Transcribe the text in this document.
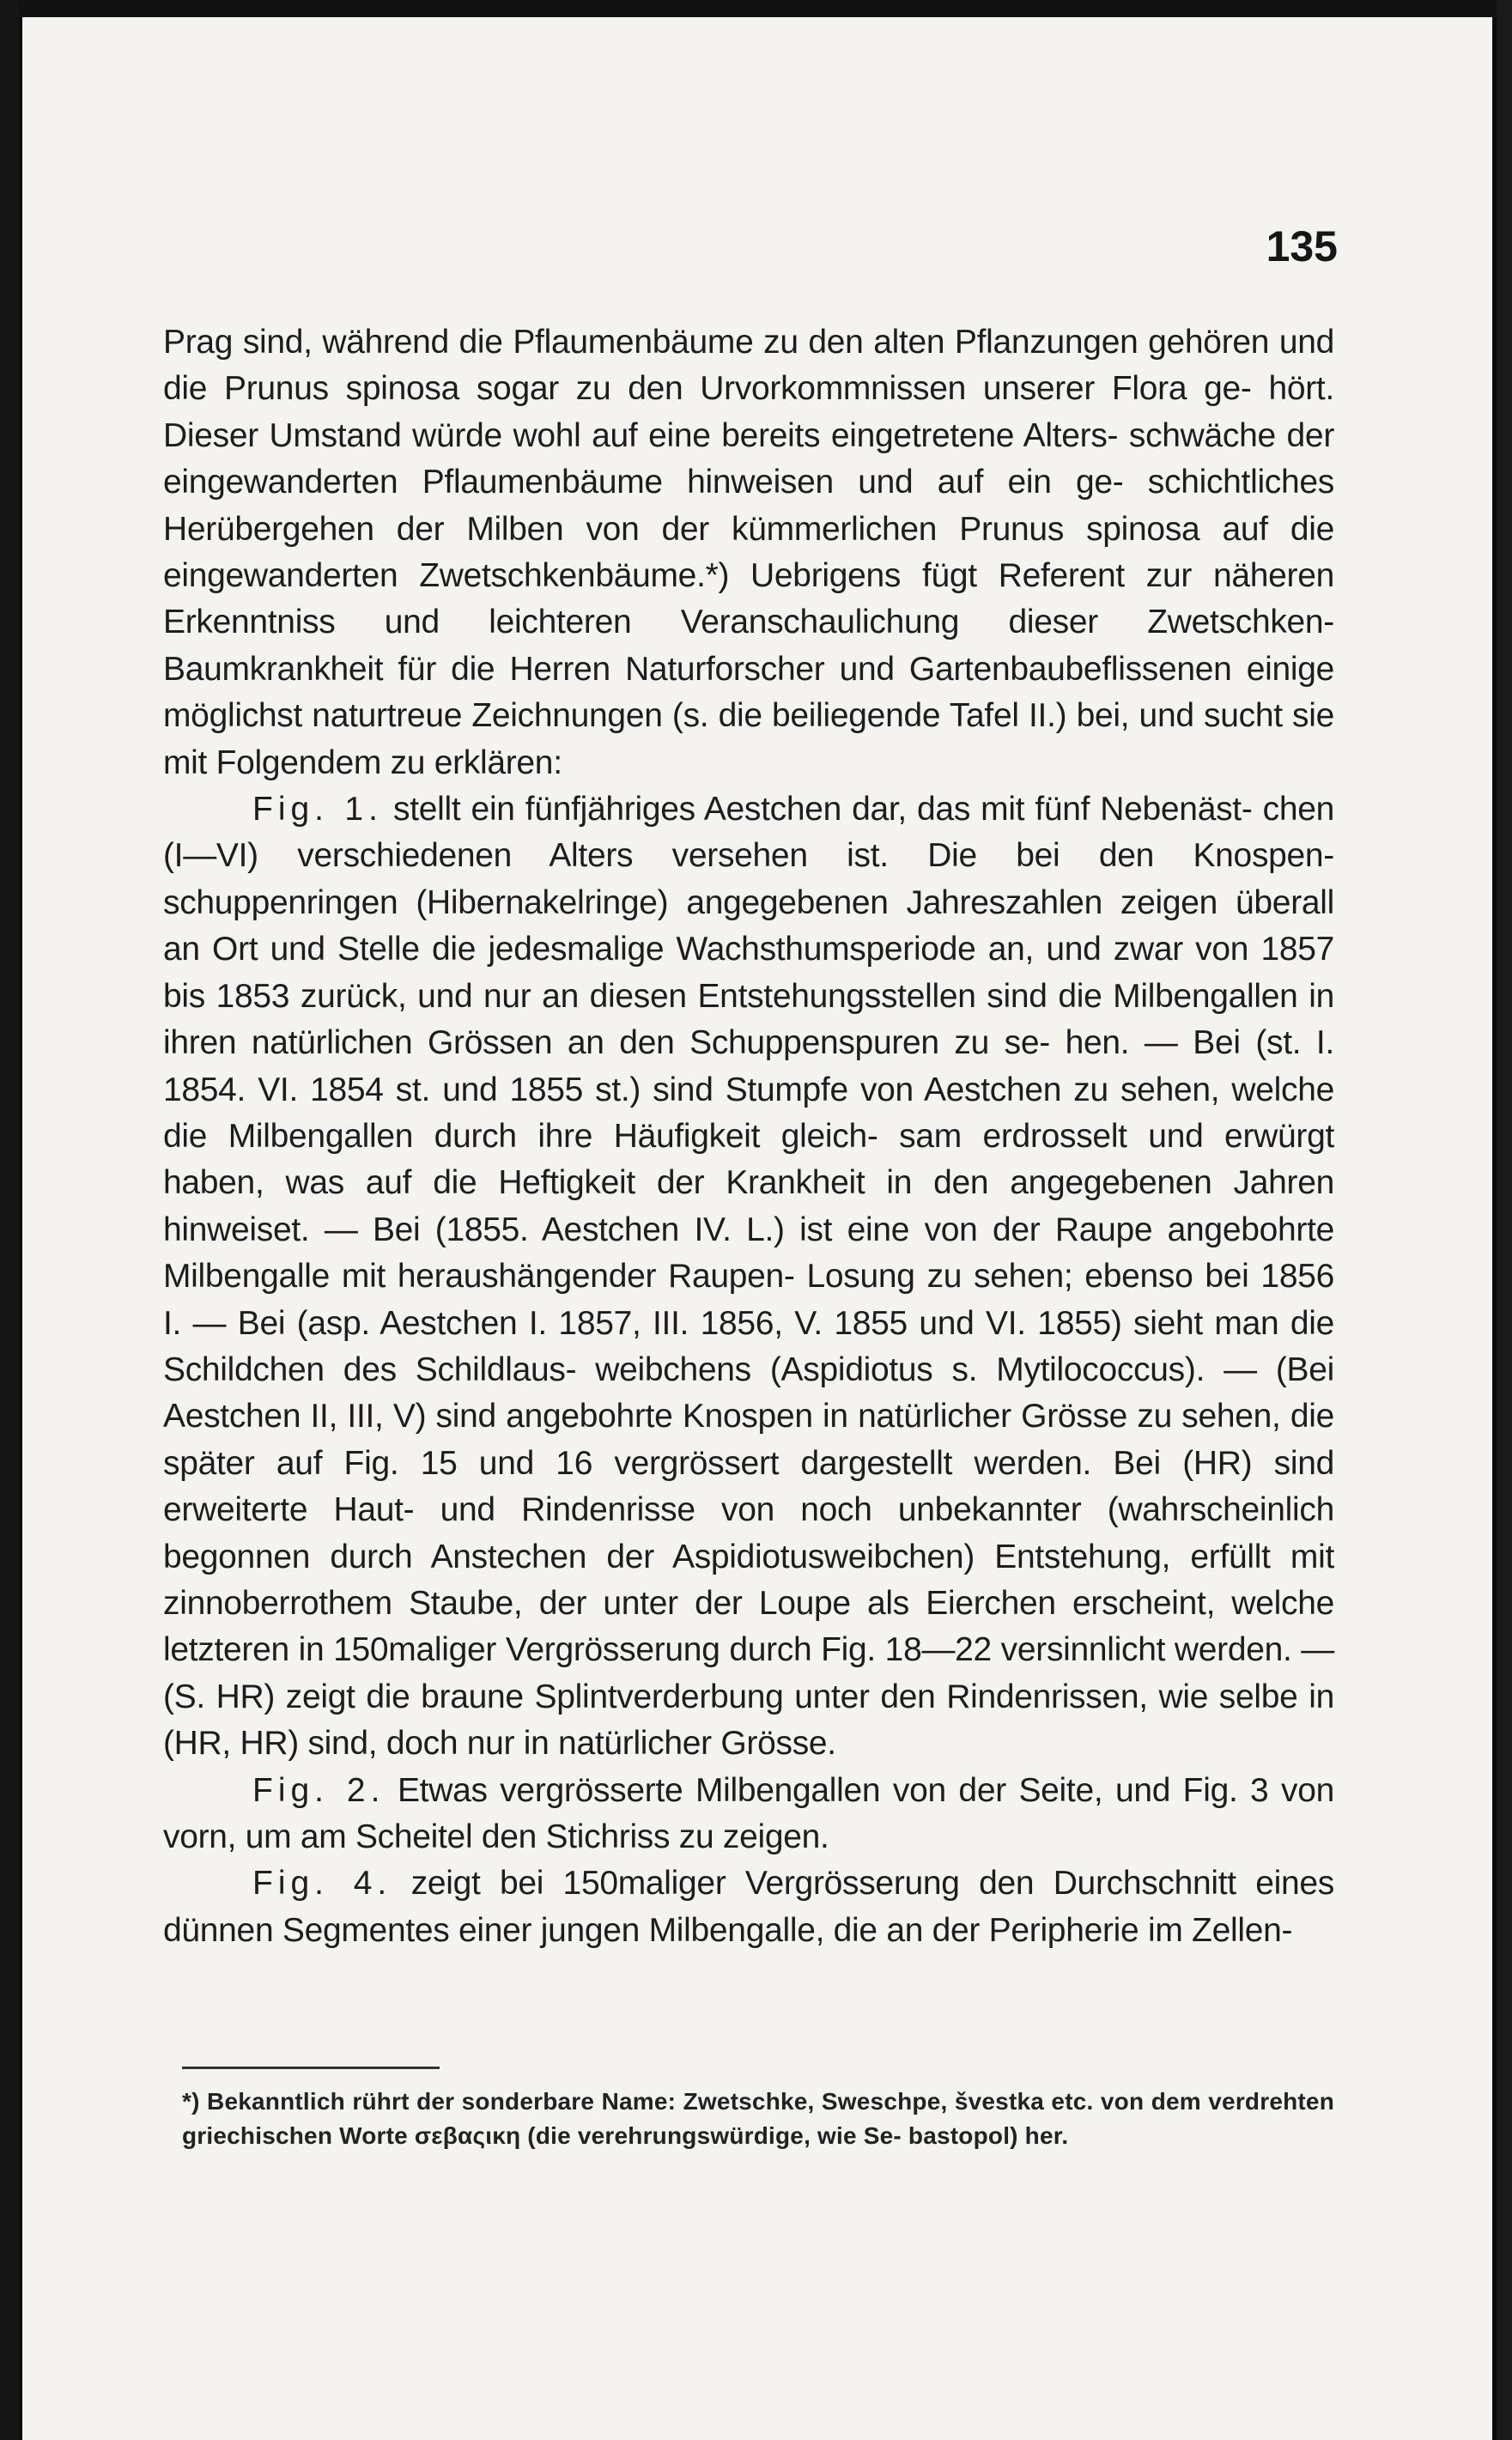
135

Prag sind, während die Pflaumenbäume zu den alten Pflanzungen gehören und die Prunus spinosa sogar zu den Urvorkommnissen unserer Flora ge- hört. Dieser Umstand würde wohl auf eine bereits eingetretene Alters- schwäche der eingewanderten Pflaumenbäume hinweisen und auf ein ge- schichtliches Herübergehen der Milben von der kümmerlichen Prunus spinosa auf die eingewanderten Zwetschkenbäume.*) Uebrigens fügt Referent zur näheren Erkenntniss und leichteren Veranschaulichung dieser Zwetschken- Baumkrankheit für die Herren Naturforscher und Gartenbaubeflissenen einige möglichst naturtreue Zeichnungen (s. die beiliegende Tafel II.) bei, und sucht sie mit Folgendem zu erklären:

Fig. 1. stellt ein fünfjähriges Aestchen dar, das mit fünf Nebenäst- chen (I—VI) verschiedenen Alters versehen ist. Die bei den Knospen- schuppenringen (Hibernakelringe) angegebenen Jahreszahlen zeigen überall an Ort und Stelle die jedesmalige Wachsthumsperiode an, und zwar von 1857 bis 1853 zurück, und nur an diesen Entstehungsstellen sind die Milbengallen in ihren natürlichen Grössen an den Schuppenspuren zu se- hen. — Bei (st. I. 1854. VI. 1854 st. und 1855 st.) sind Stumpfe von Aestchen zu sehen, welche die Milbengallen durch ihre Häufigkeit gleich- sam erdrosselt und erwürgt haben, was auf die Heftigkeit der Krankheit in den angegebenen Jahren hinweiset. — Bei (1855. Aestchen IV. L.) ist eine von der Raupe angebohrte Milbengalle mit heraushängender Raupen- Losung zu sehen; ebenso bei 1856 I. — Bei (asp. Aestchen I. 1857, III. 1856, V. 1855 und VI. 1855) sieht man die Schildchen des Schildlaus- weibchens (Aspidiotus s. Mytilococcus). — (Bei Aestchen II, III, V) sind angebohrte Knospen in natürlicher Grösse zu sehen, die später auf Fig. 15 und 16 vergrössert dargestellt werden. Bei (HR) sind erweiterte Haut- und Rindenrisse von noch unbekannter (wahrscheinlich begonnen durch Anstechen der Aspidiotusweibchen) Entstehung, erfüllt mit zinnoberrothem Staube, der unter der Loupe als Eierchen erscheint, welche letzteren in 150maliger Vergrösserung durch Fig. 18—22 versinnlicht werden. — (S. HR) zeigt die braune Splintverderbung unter den Rindenrissen, wie selbe in (HR, HR) sind, doch nur in natürlicher Grösse.

Fig. 2. Etwas vergrösserte Milbengallen von der Seite, und Fig. 3 von vorn, um am Scheitel den Stichriss zu zeigen.

Fig. 4. zeigt bei 150maliger Vergrösserung den Durchschnitt eines dünnen Segmentes einer jungen Milbengalle, die an der Peripherie im Zellen-

*) Bekanntlich rührt der sonderbare Name: Zwetschke, Sweschpe, švestka etc. von dem verdrehten griechischen Worte σεβαςικη (die verehrungswürdige, wie Se- bastopol) her.
